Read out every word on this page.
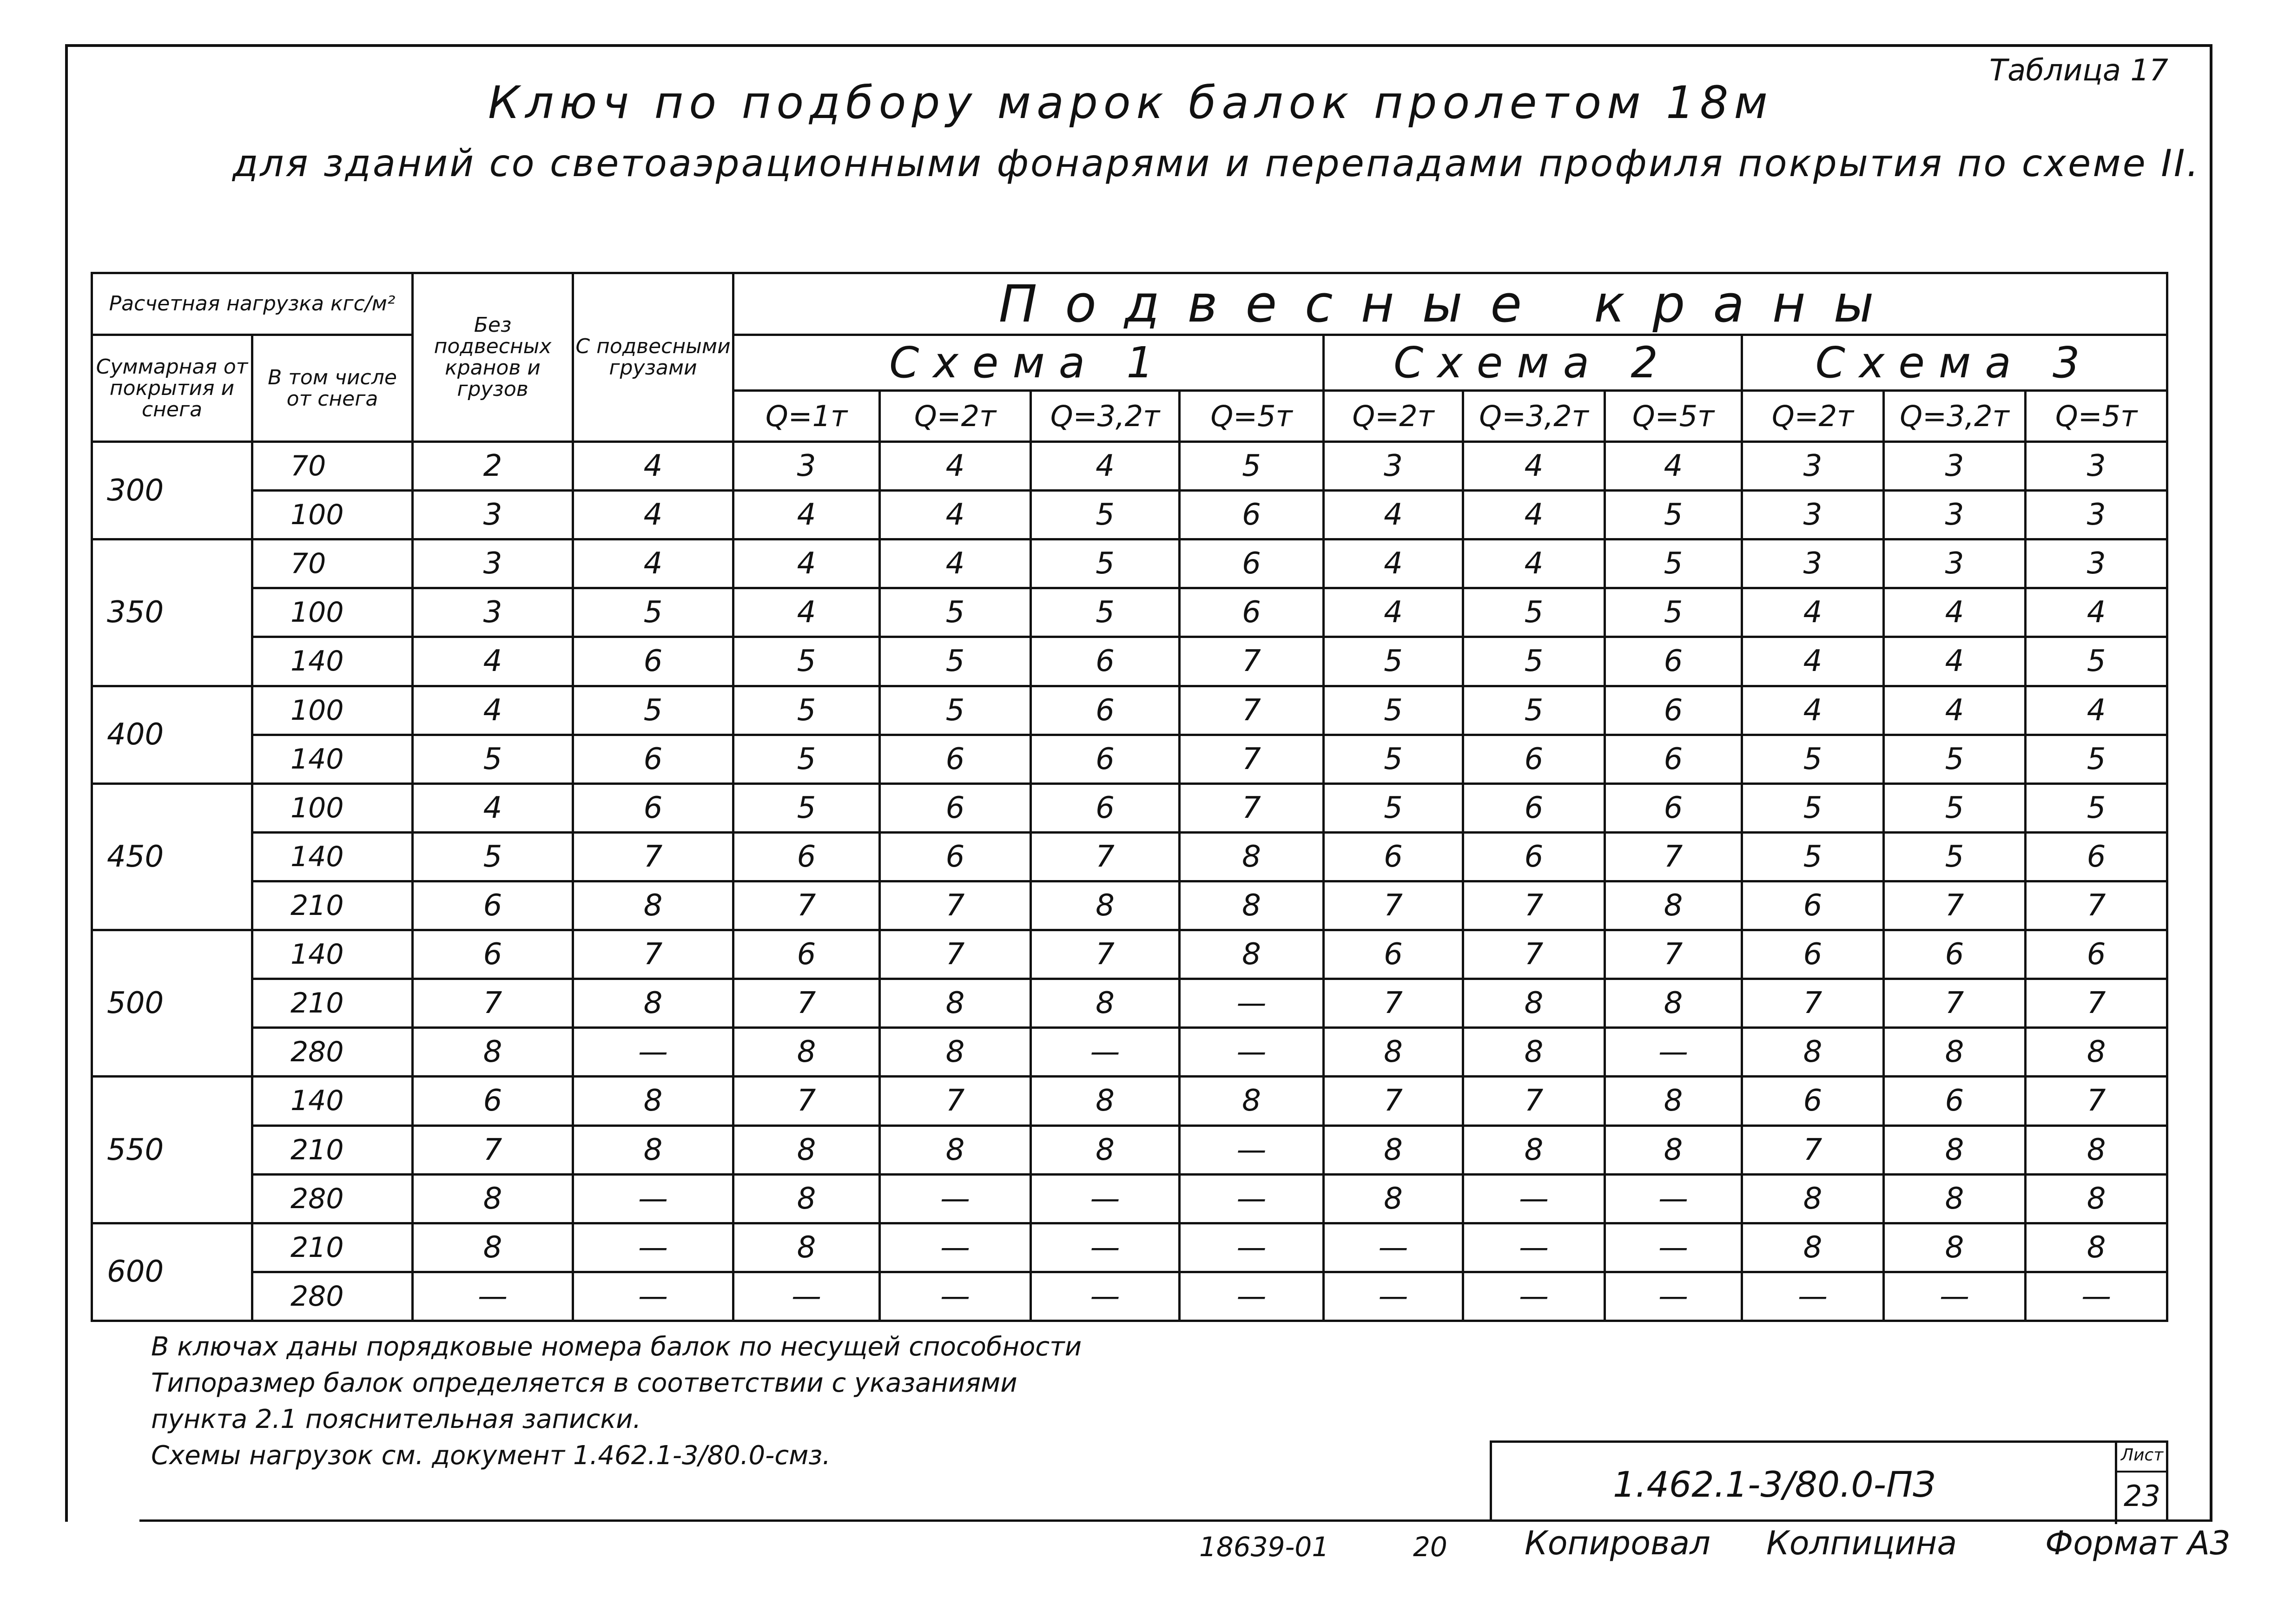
Таблица 17
Ключ по подбору марок балок пролетом 18м
для зданий со светоаэрационными фонарями и перепадами профиля покрытия по схеме II.
Расчетная нагрузка кгс/м²		Без подвесных кранов и грузов	С подвесными грузами	Подвесные краны									
Суммарная от покрытия и снега	В том числе от снега			Схема 1				Схема 2			Схема 3		
				Q=1т	Q=2т	Q=3,2т	Q=5т	Q=2т	Q=3,2т	Q=5т	Q=2т	Q=3,2т	Q=5т
300	70	2	4	3	4	4	5	3	4	4	3	3	3
	100	3	4	4	4	5	6	4	4	5	3	3	3
350	70	3	4	4	4	5	6	4	4	5	3	3	3
	100	3	5	4	5	5	6	4	5	5	4	4	4
	140	4	6	5	5	6	7	5	5	6	4	4	5
400	100	4	5	5	5	6	7	5	5	6	4	4	4
	140	5	6	5	6	6	7	5	6	6	5	5	5
450	100	4	6	5	6	6	7	5	6	6	5	5	5
	140	5	7	6	6	7	8	6	6	7	5	5	6
	210	6	8	7	7	8	8	7	7	8	6	7	7
500	140	6	7	6	7	7	8	6	7	7	6	6	6
	210	7	8	7	8	8	—	7	8	8	7	7	7
	280	8	—	8	8	—	—	8	8	—	8	8	8
550	140	6	8	7	7	8	8	7	7	8	6	6	7
	210	7	8	8	8	8	—	8	8	8	7	8	8
	280	8	—	8	—	—	—	8	—	—	8	8	8
600	210	8	—	8	—	—	—	—	—	—	8	8	8
	280	—	—	—	—	—	—	—	—	—	—	—	—
В ключах даны порядковые номера балок по несущей способности
Типоразмер балок определяется в соответствии с указаниями
пункта 2.1 пояснительная записки.
Схемы нагрузок см. документ 1.462.1-3/80.0-смз.
1.462.1-3/80.0-ПЗ
Лист
23
18639-01	20 Копировал Колпицина	Формат А3
